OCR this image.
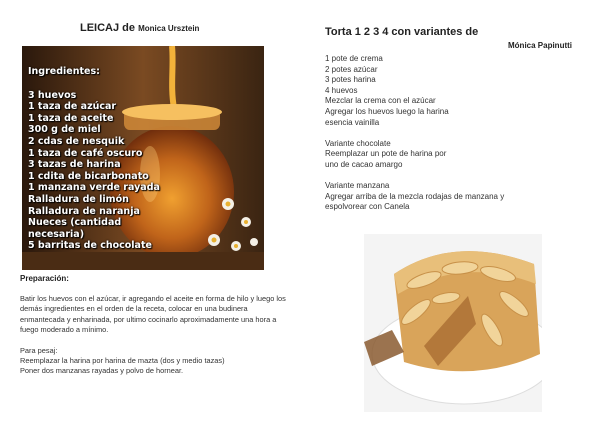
LEICAJ de Monica Ursztein
Ingredientes:
3 huevos
1 taza de azúcar
1 taza de aceite
300 g de miel
2 cdas de nesquik
1 taza de café oscuro
3 tazas de harina
1 cdita de bicarbonato
1 manzana verde rayada
Ralladura de limón
Ralladura de naranja
Nueces (cantidad necesaria)
5 barritas de chocolate
Preparación:

Batir los huevos con el azúcar, ir agregando el aceite en forma de hilo y luego los demás ingredientes en el orden de la receta, colocar en una budinera enmantecada y enharinada, por ultimo cocinarlo aproximadamente una hora a fuego moderado a mínimo.

Para pesaj:

Reemplazar la harina por harina de mazta (dos y medio tazas)

Poner dos manzanas rayadas y polvo de hornear.

Torta 1 2 3 4 con variantes de
Mónica Papinutti
1 pote de crema
2 potes azúcar
3 potes harina
4 huevos
Mezclar la crema con el azúcar
Agregar los huevos luego la harina
esencia vainilla
Variante chocolate
Reemplazar un pote de harina por
uno de cacao amargo
Variante manzana
Agregar arriba de la mezcla rodajas de manzana y
espolvorear con Canela
